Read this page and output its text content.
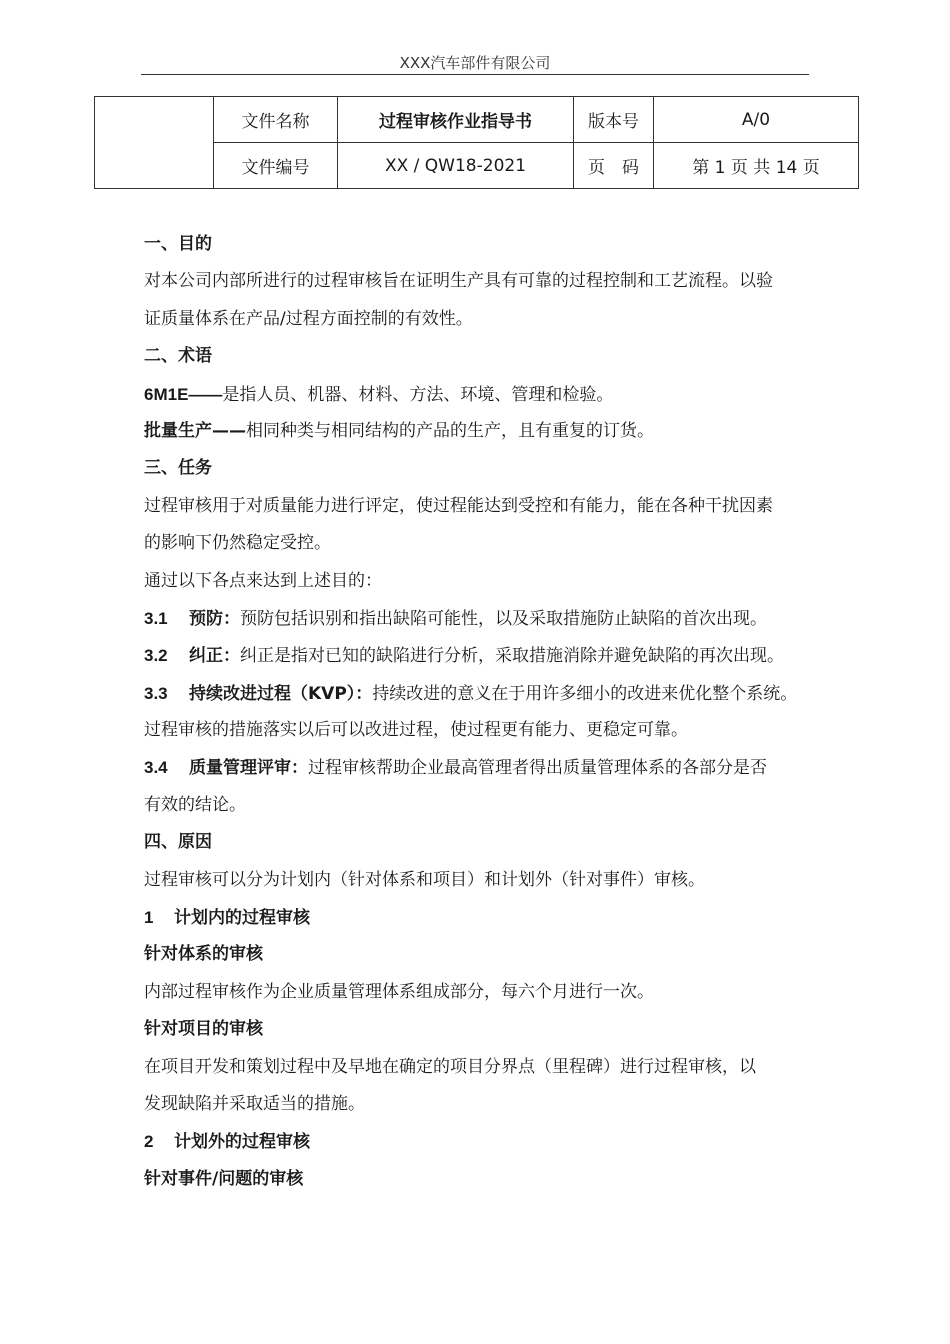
XXX汽车部件有限公司
	文件名称	过程审核作业指导书	版本号	A/0
	文件编号	XX / QW18-2021	页　码	第 1 页 共 14 页
一、目的
对本公司内部所进行的过程审核旨在证明生产具有可靠的过程控制和工艺流程。以验
证质量体系在产品/过程方面控制的有效性。
二、术语
6M1E——是指人员、机器、材料、方法、环境、管理和检验。
批量生产——相同种类与相同结构的产品的生产，且有重复的订货。
三、任务
过程审核用于对质量能力进行评定，使过程能达到受控和有能力，能在各种干扰因素
的影响下仍然稳定受控。
通过以下各点来达到上述目的：
3.1 预防：预防包括识别和指出缺陷可能性，以及采取措施防止缺陷的首次出现。
3.2 纠正：纠正是指对已知的缺陷进行分析，采取措施消除并避免缺陷的再次出现。
3.3 持续改进过程（KVP）：持续改进的意义在于用许多细小的改进来优化整个系统。
过程审核的措施落实以后可以改进过程，使过程更有能力、更稳定可靠。
3.4 质量管理评审：过程审核帮助企业最高管理者得出质量管理体系的各部分是否
有效的结论。
四、原因
过程审核可以分为计划内（针对体系和项目）和计划外（针对事件）审核。
1 计划内的过程审核
针对体系的审核
内部过程审核作为企业质量管理体系组成部分，每六个月进行一次。
针对项目的审核
在项目开发和策划过程中及早地在确定的项目分界点（里程碑）进行过程审核，以
发现缺陷并采取适当的措施。
2 计划外的过程审核
针对事件/问题的审核
